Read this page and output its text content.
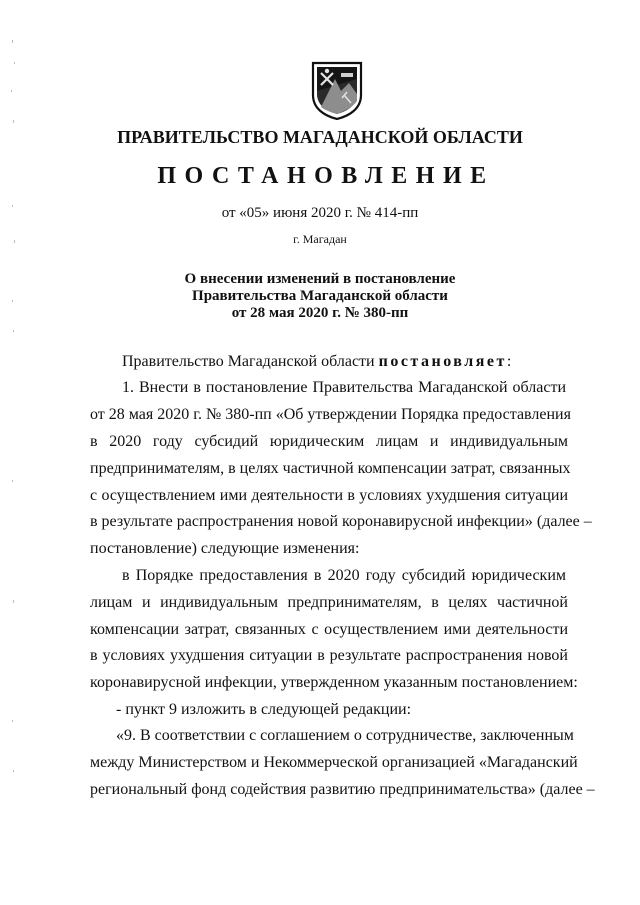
ПРАВИТЕЛЬСТВО МАГАДАНСКОЙ ОБЛАСТИ
ПОСТАНОВЛЕНИЕ
от «05» июня 2020 г. № 414-пп
г. Магадан
О внесении изменений в постановление
Правительства Магаданской области
от 28 мая 2020 г. № 380-пп
Правительство Магаданской области постановляет:
1. Внести в постановление Правительства Магаданской области
от 28 мая 2020 г. № 380-пп «Об утверждении Порядка предоставления
в 2020 году субсидий юридическим лицам и индивидуальным
предпринимателям, в целях частичной компенсации затрат, связанных
с осуществлением ими деятельности в условиях ухудшения ситуации
в результате распространения новой коронавирусной инфекции» (далее –
постановление) следующие изменения:
в Порядке предоставления в 2020 году субсидий юридическим
лицам и индивидуальным предпринимателям, в целях частичной
компенсации затрат, связанных с осуществлением ими деятельности
в условиях ухудшения ситуации в результате распространения новой
коронавирусной инфекции, утвержденном указанным постановлением:
- пункт 9 изложить в следующей редакции:
«9. В соответствии с соглашением о сотрудничестве, заключенным
между Министерством и Некоммерческой организацией «Магаданский
региональный фонд содействия развитию предпринимательства» (далее –
